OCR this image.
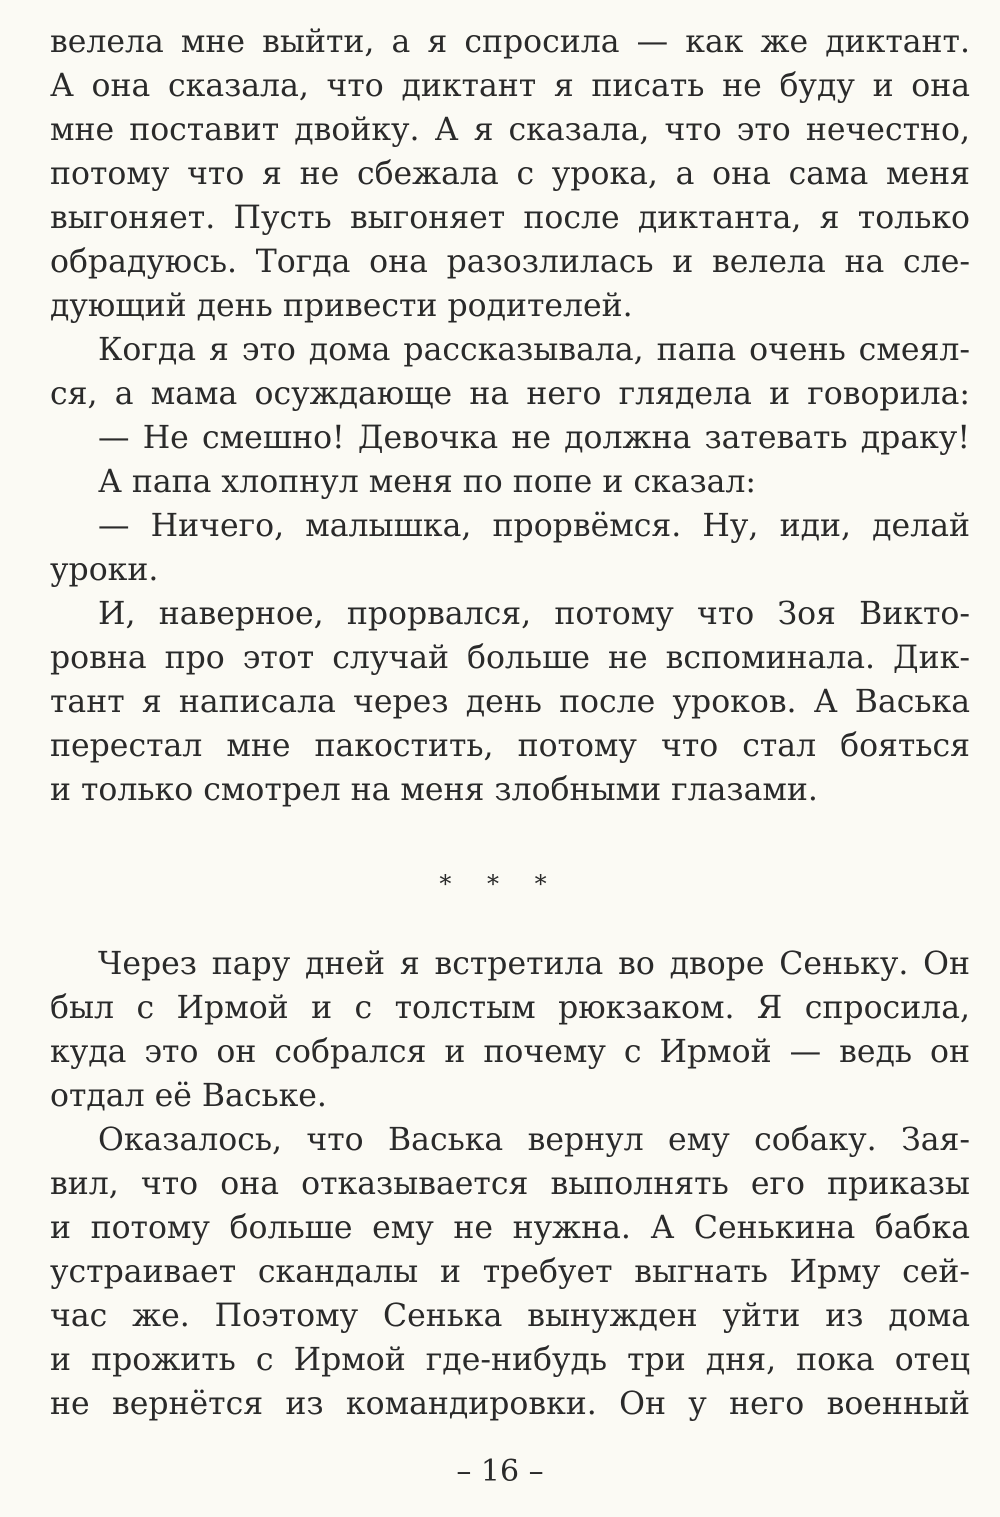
велела мне выйти, а я спросила — как же диктант.
А она сказала, что диктант я писать не буду и она
мне поставит двойку. А я сказала, что это нечестно,
потому что я не сбежала с урока, а она сама меня
выгоняет. Пусть выгоняет после диктанта, я только
обрадуюсь. Тогда она разозлилась и велела на сле-
дующий день привести родителей.
Когда я это дома рассказывала, папа очень смеял-
ся, а мама осуждающе на него глядела и говорила:
— Не смешно! Девочка не должна затевать драку!
А папа хлопнул меня по попе и сказал:
— Ничего, малышка, прорвёмся. Ну, иди, делай
уроки.
И, наверное, прорвался, потому что Зоя Викто-
ровна про этот случай больше не вспоминала. Дик-
тант я написала через день после уроков. А Васька
перестал мне пакостить, потому что стал бояться
и только смотрел на меня злобными глазами.
* * *
Через пару дней я встретила во дворе Сеньку. Он
был с Ирмой и с толстым рюкзаком. Я спросила,
куда это он собрался и почему с Ирмой — ведь он
отдал её Ваське.
Оказалось, что Васька вернул ему собаку. Зая-
вил, что она отказывается выполнять его приказы
и потому больше ему не нужна. А Сенькина бабка
устраивает скандалы и требует выгнать Ирму сей-
час же. Поэтому Сенька вынужден уйти из дома
и прожить с Ирмой где-нибудь три дня, пока отец
не вернётся из командировки. Он у него военный
– 16 –
